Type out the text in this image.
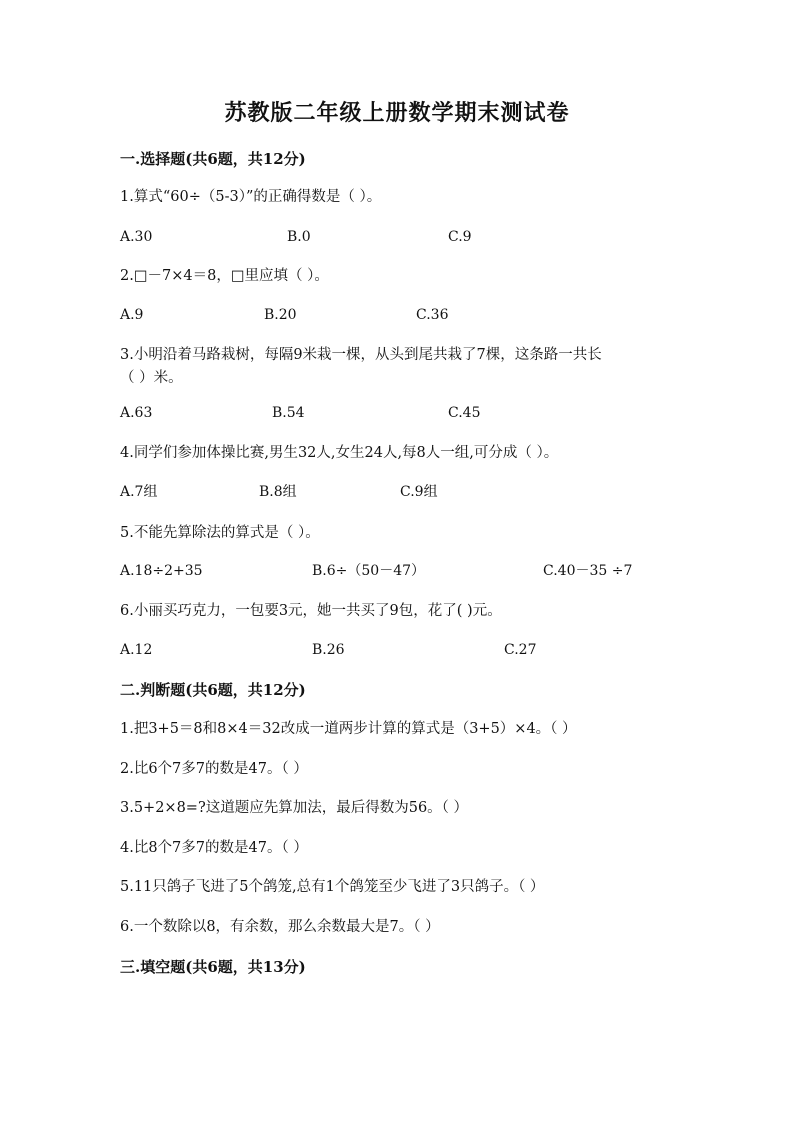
苏教版二年级上册数学期末测试卷
一.选择题(共6题，共12分)
1.算式“60÷（5-3）”的正确得数是（ ）。
A.30	B.0	C.9
2.□－7×4＝8，□里应填（ ）。
A.9	B.20	C.36
3.小明沿着马路栽树，每隔9米栽一棵，从头到尾共栽了7棵，这条路一共长
（ ）米。
A.63	B.54	C.45
4.同学们参加体操比赛,男生32人,女生24人,每8人一组,可分成（ ）。
A.7组	B.8组	C.9组
5.不能先算除法的算式是（ ）。
A.18÷2+35	B.6÷（50－47）	C.40－35 ÷7
6.小丽买巧克力，一包要3元，她一共买了9包，花了( )元。
A.12	B.26	C.27
二.判断题(共6题，共12分)
1.把3+5＝8和8×4＝32改成一道两步计算的算式是（3+5）×4。（ ）
2.比6个7多7的数是47。（ ）
3.5+2×8=?这道题应先算加法，最后得数为56。（ ）
4.比8个7多7的数是47。（ ）
5.11只鸽子飞进了5个鸽笼,总有1个鸽笼至少飞进了3只鸽子。（ ）
6.一个数除以8，有余数，那么余数最大是7。（ ）
三.填空题(共6题，共13分)
